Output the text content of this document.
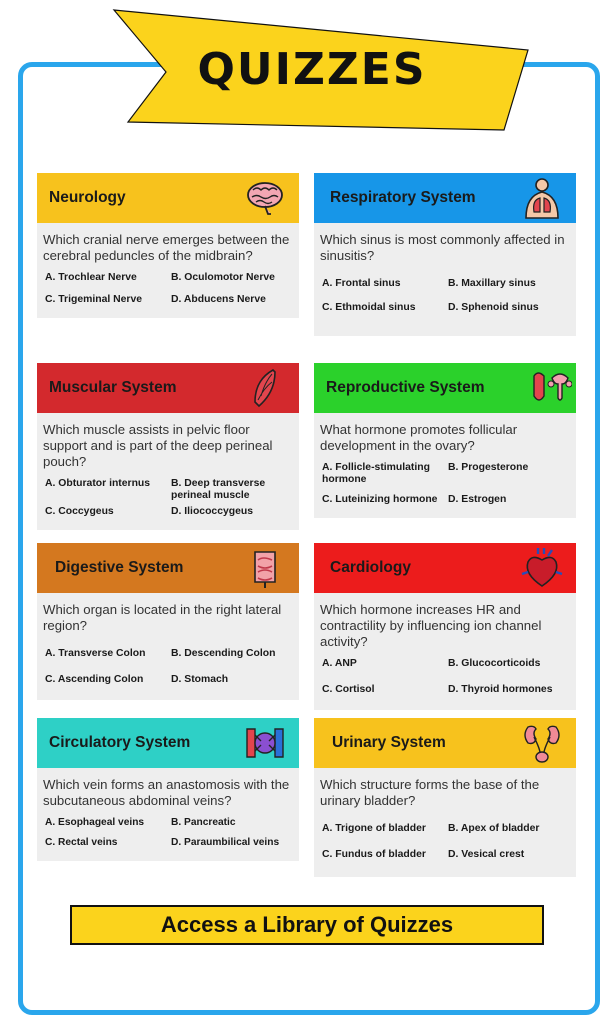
QUIZZES
Neurology
Which cranial nerve emerges between the cerebral peduncles of the midbrain?
A. Trochlear Nerve	B. Oculomotor Nerve
C. Trigeminal Nerve	D. Abducens Nerve
Respiratory System
Which sinus is most commonly affected in sinusitis?
A. Frontal sinus	B. Maxillary sinus
C. Ethmoidal sinus	D. Sphenoid sinus
Muscular System
Which muscle assists in pelvic floor support and is part of the deep perineal pouch?
A. Obturator internus	B. Deep transverse perineal muscle
C. Coccygeus	D. Iliococcygeus
Reproductive System
What hormone promotes follicular development in the ovary?
A. Follicle-stimulating hormone
B. Progesterone
C. Luteinizing hormone	D. Estrogen
Digestive System
Which organ is located in the right lateral region?
A. Transverse Colon	B. Descending Colon
C. Ascending Colon	D. Stomach
Cardiology
Which hormone increases HR and contractility by influencing ion channel activity?
A. ANP	B. Glucocorticoids
C. Cortisol	D. Thyroid hormones
Circulatory System
Which vein forms an anastomosis with the subcutaneous abdominal veins?
A. Esophageal veins	B. Pancreatic
C. Rectal veins	D. Paraumbilical veins
Urinary System
Which structure forms the base of the urinary bladder?
A. Trigone of bladder	B. Apex of bladder
C. Fundus of bladder	D. Vesical crest
Access a Library of Quizzes
